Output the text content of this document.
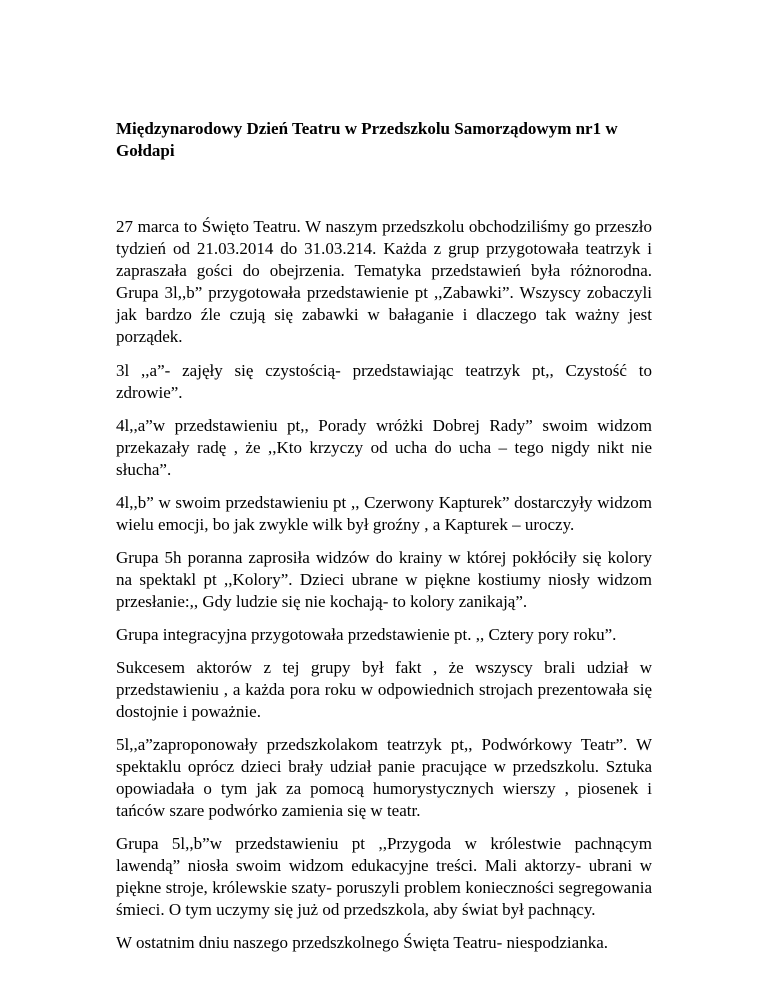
Międzynarodowy Dzień Teatru w Przedszkolu Samorządowym nr1 w Gołdapi

27 marca to Święto Teatru. W naszym przedszkolu obchodziliśmy go przeszło tydzień od 21.03.2014 do 31.03.214. Każda z grup przygotowała teatrzyk i zapraszała gości do obejrzenia. Tematyka przedstawień była różnorodna. Grupa 3l,,b” przygotowała przedstawienie pt ,,Zabawki”. Wszyscy zobaczyli jak bardzo źle czują się zabawki w bałaganie i dlaczego tak ważny jest porządek.

3l ,,a”- zajęły się czystością- przedstawiając teatrzyk pt,, Czystość to zdrowie”.

4l,,a”w przedstawieniu pt,, Porady wróżki Dobrej Rady” swoim widzom przekazały radę , że ,,Kto krzyczy od ucha do ucha – tego nigdy nikt nie słucha”.

4l,,b” w swoim przedstawieniu pt ,, Czerwony Kapturek” dostarczyły widzom wielu emocji, bo jak zwykle wilk był groźny , a Kapturek – uroczy.

Grupa 5h poranna zaprosiła widzów do krainy w której pokłóciły się kolory na spektakl pt ,,Kolory”. Dzieci ubrane w piękne kostiumy niosły widzom przesłanie:,, Gdy ludzie się nie kochają- to kolory zanikają”.

Grupa integracyjna przygotowała przedstawienie pt. ,, Cztery pory roku”.

Sukcesem aktorów z tej grupy był fakt , że wszyscy brali udział w przedstawieniu , a każda pora roku w odpowiednich strojach prezentowała się dostojnie i poważnie.

5l,,a”zaproponowały przedszkolakom teatrzyk pt,, Podwórkowy Teatr”. W spektaklu oprócz dzieci brały udział panie pracujące w przedszkolu. Sztuka opowiadała o tym jak za pomocą humorystycznych wierszy , piosenek i tańców szare podwórko zamienia się w teatr.

Grupa 5l,,b”w przedstawieniu pt ,,Przygoda w królestwie pachnącym lawendą” niosła swoim widzom edukacyjne treści. Mali aktorzy- ubrani w piękne stroje, królewskie szaty- poruszyli problem konieczności segregowania śmieci. O tym uczymy się już od przedszkola, aby świat był pachnący.

W ostatnim dniu naszego przedszkolnego Święta Teatru- niespodzianka.
